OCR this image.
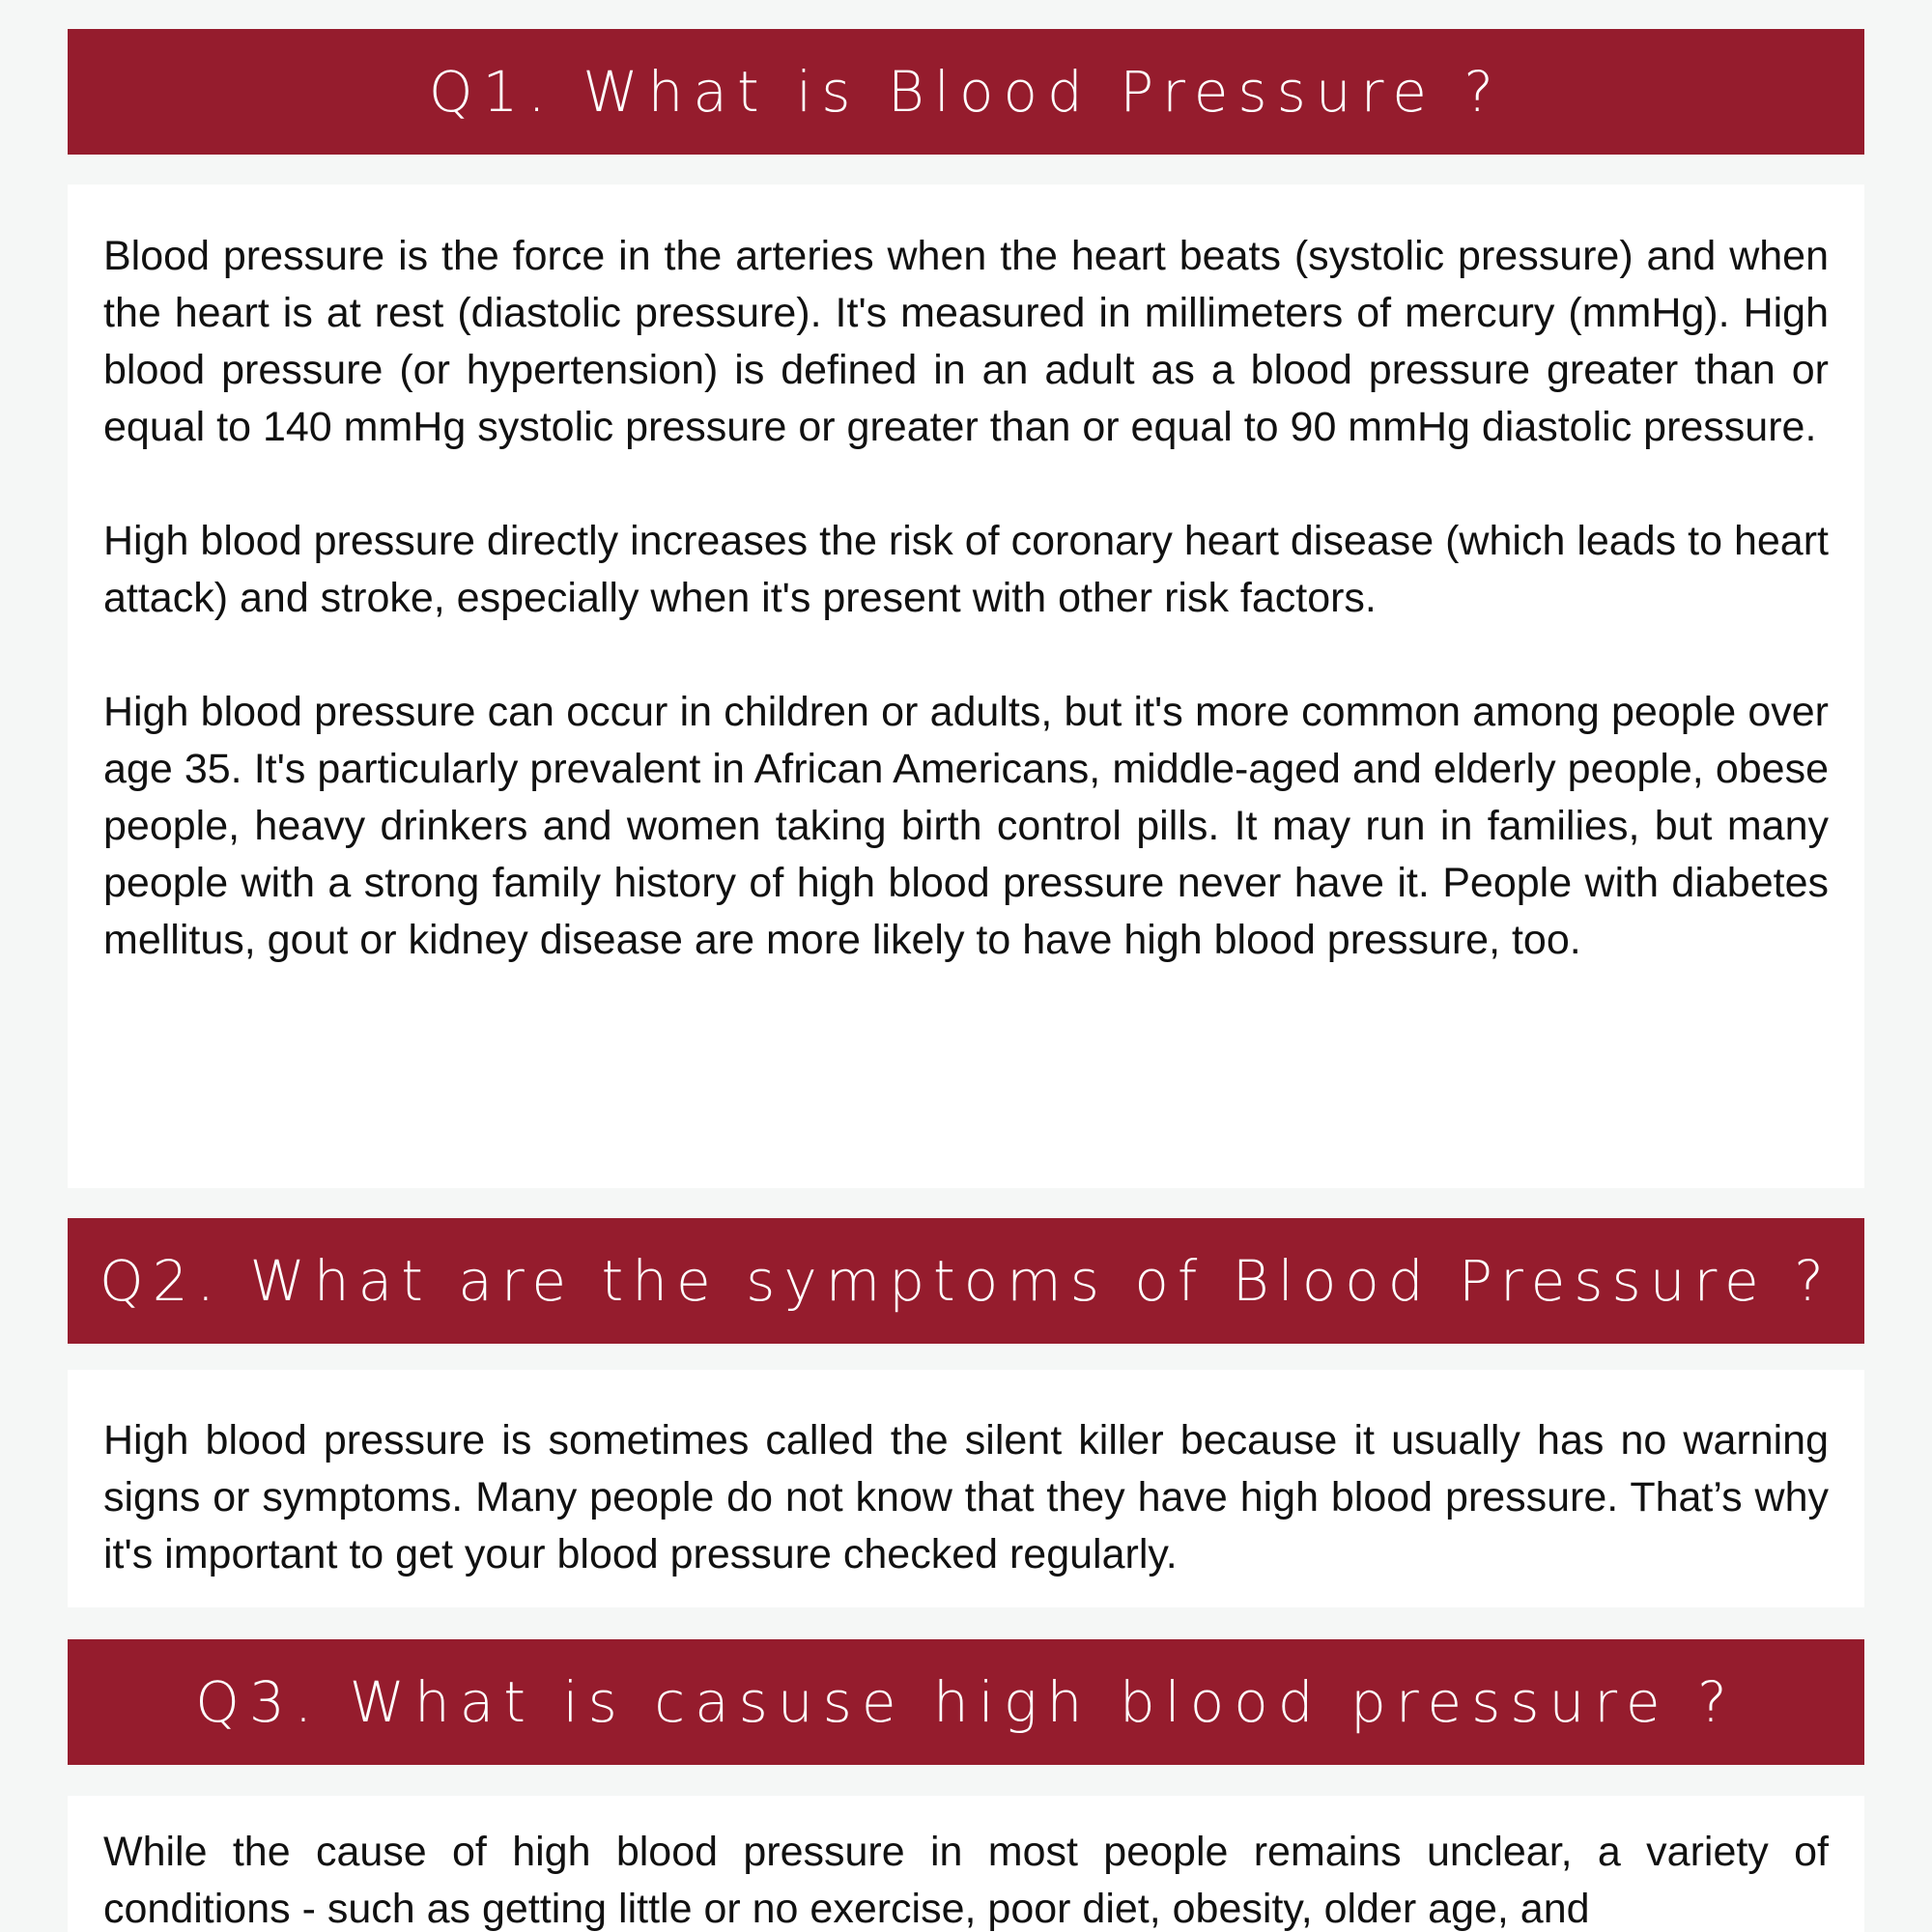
Q1. What is Blood Pressure ?

Blood pressure is the force in the arteries when the heart beats (systolic pressure) and when the heart is at rest (diastolic pressure). It's measured in millimeters of mercury (mmHg). High blood pressure (or hypertension) is defined in an adult as a blood pressure greater than or equal to 140 mmHg systolic pressure or greater than or equal to 90 mmHg diastolic pressure.

High blood pressure directly increases the risk of coronary heart disease (which leads to heart attack) and stroke, especially when it's present with other risk factors.

High blood pressure can occur in children or adults, but it's more common among people over age 35. It's particularly prevalent in African Americans, middle-aged and elderly people, obese people, heavy drinkers and women taking birth control pills. It may run in families, but many people with a strong family history of high blood pressure never have it. People with diabetes mellitus, gout or kidney disease are more likely to have high blood pressure, too.

Q2. What are the symptoms of Blood Pressure ?

High blood pressure is sometimes called the silent killer because it usually has no warning signs or symptoms. Many people do not know that they have high blood pressure. That’s why it's important to get your blood pressure checked regularly.

Q3. What is casuse high blood pressure ?

While the cause of high blood pressure in most people remains unclear, a variety of conditions - such as getting little or no exercise, poor diet, obesity, older age, and
